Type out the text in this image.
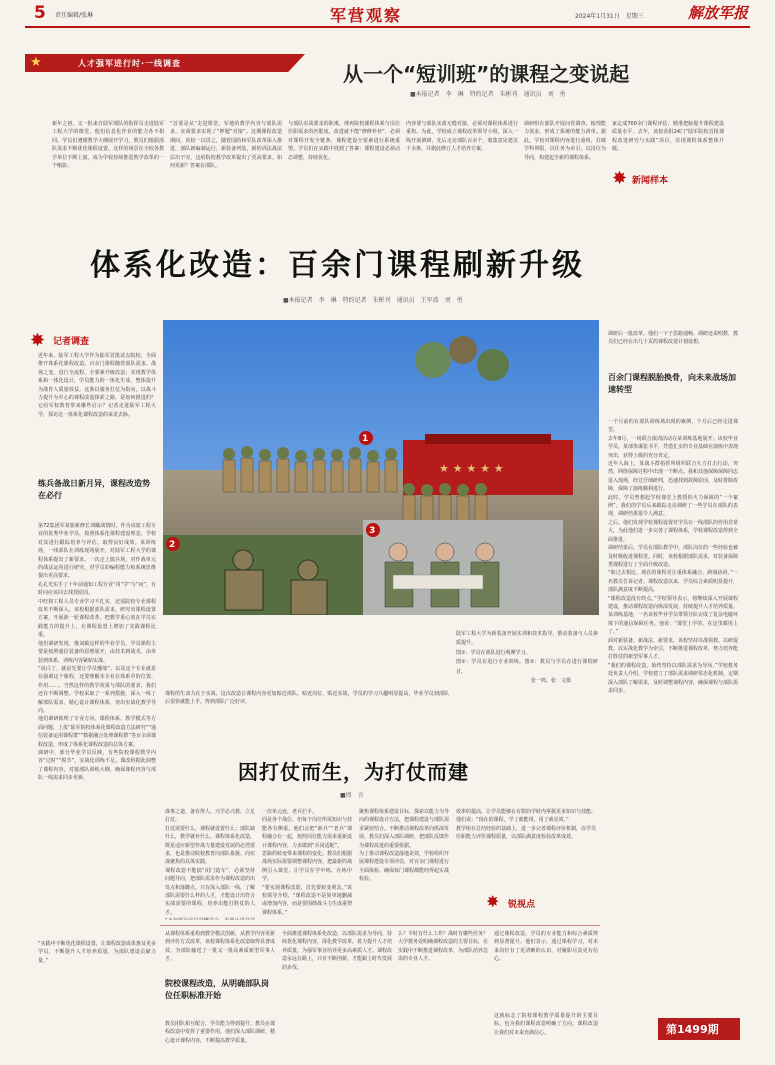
5 责任编辑/张琳	军营观察	2024年1月31日　星期三	解放军报
★	人才强军进行时·一线调查	从一个“短训班”的课程之变说起
■本报记者　李　琳　特约记者　朱彬刊　通讯员　刘　勇
新年之初，又一批来自陆军部队的指挥员走进陆军工程大学的课堂。他们信息化作业的能力各不相同。学员们遵循教学大纲展开学习，教员们根据部队需求不断优化课程设置。这样的场景在全校各教学单位不断上演，成为学校持续推进教学改革的一个缩影。
“首要是从“走进课堂、军地的教学内容与部队需求、实战要求实现了“押题”对接”。这期课程改造期间，该校一以贯之，随着国防和军队改革深入推进，部队新编制运行，新装备列装，新的训法战法层出不穷，这给院校教学改革提出了更高要求。如何更新？答案在部队。
与部队实战要求的距离，理再院校课程体系与岗位任职需求的匹配度。改进就不能“修修补补”，必须对课程开发全链条，课程建设全要素进行系统重塑。学员们在实践中找到了答案：课程建设必须动态调整，持续优化。
内容要与部队实战无缝对接，必须对课程体系进行重构。为此，学校成立课程改革领导小组，深入一线开展调研，先后走访部队百余个，收集意见建议千余条，并据此修订人才培养方案。
调研组在部队开展问卷调查，梳理能力需求，形成了系统的能力清单。据此，学校对课程内容进行重组，打破学科界限，以任务为牵引，以岗位为导向，构建起全新的课程体系。
家定成700余门课程评估，精准把脉提升课程建设质量水平。去年，该校获批24门“陆军院校首批课程改进研究与实践”项目，实现课程体系整体升级。
✸ 新闻样本
体系化改造：百余门课程刷新升级
■本报记者　李　琳　特约记者　朱彬刊　通讯员　王军波　刘　勇
✸ 记者调查
近年来，陆军工程大学作为陆军首批试点院校，全面推开体系化课程改造。百余门课程随着部队需求、战场之变，进行全流程、全要素升级改造；实现教学体系和一体化设计，学员能力的一体化生成，整体提升为战育人质量效益。这条以服务打仗为指向、以战斗力提升为中心的课程改造探索之路，是如何推进的？它给军校教育带来哪些启示？记者走进陆军工程大学，探访这一体系化课程改造的来龙去脉。
练兵备战日新月异，课程改造势在必行
第72集团军某旅新修长训瞰战情时，作为该旅工程专业的优秀毕业学员，按照体系化课程建设理念，学校对其进行跟踪培养与评估，取得良好成效。某训练场，一线部队在训练现场展开，对陆军工程大学的课程体系提出了新要求。一次走上演兵场，对作战单元的战法运用进行研究，对学员的编程能力和系统思维提出更高要求。
孔孔光实手了十年前通知工程专业“用“学”与“问”，有时问应该回去找找原因。
中旺将工程人员专业学习不扎实，还需院校专业课程改革不断深入。该校根据部队需求，研究出课程设置方案，开展新一轮课程改革，把教学重心放在学员实践能力的提升上，在课程设置上增加了实践课程比重。
他们调研发现，像刘敏这样的毕业学员，学员课程主要是按照通信装备的原理展开，由技术到战术，由单装到体系，训练内容紧贴实战。
“说白了，就是先要让学员懂战”。以及这个专业就是在强调这个课程，还要理解本专业在体系中的位置、作用……。当然这样的教学效果与部队的要求，我们还在不断调整。学校采取了一系列措施，深入一线了解部队需求，精心设计课程体系，突出实战化教学导向。
他们调研梳理了专业方向、课程体系、教学模式等方面问题，上报“陆军院校体系化课程改造方法研究”“通信装备运用课程群”“数据融合处理课程群”等百余项课程改造，形成了体系化课程改造的总体方案。
调研中，部分毕业学员反映，有些院校课程教学内容“过时”“脱节”，实战化训练不足。课改组据此调整了课程内容，对接部队训练大纲，确保课程内容与部队一线需求同步更新。
★ ★ ★ ★ ★
1
2
3
陆军工程大学为新装备开展实训和技术指导，推动装备与人员素质提升。
图①：学员在部队进行观摩学习。
图②：学员在进行专业训练。图③：教员与学员在进行课程研讨。
　　　　　　　　　　　　　　　张一鸣、张　文摄
因打仗而生，为打仗而建
■周　言
战事之道，备在得人。兴学必兴教，立足打仗。
打仗需要什么，课程就设置什么；部队缺什么，教学就补什么。课程体系化改造，既是适应新型作战力量建设发展的必然要求，也是推动院校教育向部队靠拢、向实战聚焦的具体实践。
课程改造不能搞“闭门造车”，必须坚持问题导向，把部队需求作为课程改造的出发点和落脚点。只有深入部队一线，了解部队需要什么样的人才，才能设计出符合实战需要的课程，培养出能打胜仗的人才。

一次单元连，老兵拦手。
同是各个战位，但每个岗位所需知识与技能各有侧重。他们会把“新兵”“老兵”课程融合在一起，按照岗位能力需求重新设计课程内容，力求做到“兵岗适配”。
思路的转变带来课程的变化。教员们根据战场实际需要调整课程内容，把最新的战例引入课堂，让学员在学中练、在练中学。
“要实现课程改造，首先要转变观念。”该校领导介绍，“课程改造不是简单地删减或增加内容，而是要围绕战斗力生成重塑课程体系。”
聚焦课程体系建设目标，探索以能力为导向的课程设计方法，把课程建设与部队需求紧密结合，不断推动课程改革向纵深发展。教员们深入部队调研，把部队反馈作为课程改进的重要依据。
为了推动课程改造落地见效，学校组织开展课程建设专项评估，对百余门课程进行全面体检，确保每门课程都能经得起实战检验。
课程的生命力在于实战。这次改造让课程内容更加贴近部队、贴近岗位、贴近实战，学员的学习兴趣明显提高，毕业学员到部队后很快就能上手，得到部队广泛好评。
效率的提高，让学员能够在有限的学时内掌握更多知识与技能。他们说：“现在的课程，学了就能用，用了就见效。”
教学组在总结经验的基础上，进一步完善课程评价机制，以学员任职能力评价课程质量，以部队满意度检验改革成效。
✸ 锐视点
调研后一批改革，他们一下子思路通畅。调研还说明数，教员们已经在出几十页的课程改造计划设想。
百余门课程脱胎换骨，向未来战场加速转型
一个月前的在部队训练场出现的案例，个月后已经走进课堂。
去年8月，一场联合演训活动在某训练基地展开。该校毕业学员，某部参谋张书平，凭借扎实的专业基础在演练中表现突出，获得上级的充分肯定。
近年入海上，某战斗群指挥所组织联合火力打击行动，突然，网络保障过程中出现一个断点。我和其他保障保障同志进入现场，经过仔细研判，迅速找到故障原因，及时排除故障，保障了演练顺利进行。
此时，学员曾想起学校课堂上教授的火力保障的“一个案例”，我们的学员后来跟踪走访调研了一些学员在部队的表现，调研结果很令人满意。
之后，他们发现学校课程设置对学员在一线部队的作用非常大，为此他们进一步完善了课程体系，学校课程改造得到全面推进。
调研结果后，学员在部队教学中，部队岗位的一些经验也被及时吸收进课程里。同时，该校根据部队需求，对装备保障类课程进行了全面升级改造。
“和过去相比，现在的课程更注重体系融合、跨域协同。”一名教员告诉记者。课程改造以来，学员综合素质明显提升，部队满意度不断提高。
“课程改造没有终点。”学校领导表示，将继续深入开展课程建设，推动课程改造向纵深发展，持续提升人才培养质量。
某训练基地，一名该校毕业学员带领分队完成了复杂电磁环境下的通信保障任务。他说：“课堂上学的，在这里都用上了。”
面对新装备、新战法、新要求，该校坚持以战领教、以研促教，以实战化教学为牵引，不断推进课程改革，努力培养能打胜仗的新型军事人才。
“我们的课程改造，始终坚持以部队需求为导向。”学校教务处负责人介绍，学校建立了部队需求调研常态化机制，定期深入部队了解需求，及时调整课程内容，确保课程与部队需求同步。
从课程体系重构到教学模式创新，从教学内容更新到评价方式改革，该校课程体系化改造取得显著成效，为部队输送了一批又一批高素质新型军事人才。
院校课程改造，从明确部队岗位任职标准开始
教员团队相互配合，学员能力得到提升。教员在课程改造中发挥了重要作用，他们深入部队调研，精心设计课程内容，不断提高教学质量。
全面推进课程体系化改造，以部队需求为导向，持续优化课程内容，深化教学改革，着力提升人才培养质量，为强军事业培养更多高素质人才。课程改造永远在路上，只有不断创新，才能跟上时代发展的步伐。
么？平时有什么工作？战时有哪些任务？大学教务处明确课程改造的主要目标，在实践中不断推进课程改革，为部队培养急需的专业人才。
通过课程改造，学员的专业能力和综合素质得到显著提升。他们表示，通过课程学习，对未来岗位有了更清晰的认识，对履职尽责更有信心。
这就标志了院校课程教学质量提升的主要目标，也为我们课程改造明确了方向。课程改造让我们对未来充满信心。
“实践中不断优化课程设置，让课程改造成果惠及更多学员，不断提升人才培养质量，为部队建设贡献力量。”
第1499期
